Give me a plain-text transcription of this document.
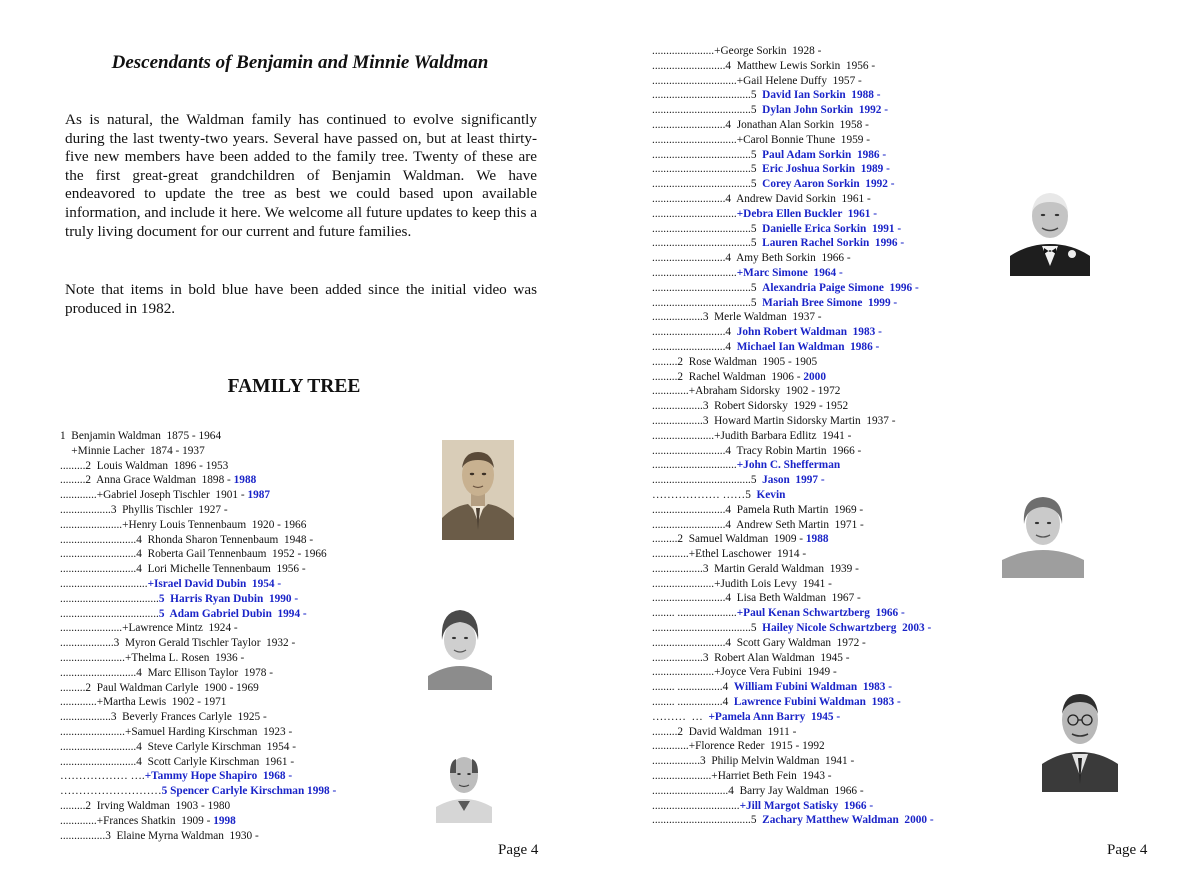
Descendants of Benjamin and Minnie Waldman

As is natural, the Waldman family has continued to evolve significantly during the last twenty-two years. Several have passed on, but at least thirty-five new members have been added to the family tree. Twenty of these are the first great-great grandchildren of Benjamin Waldman. We have endeavored to update the tree as best we could based upon available information, and include it here. We welcome all future updates to keep this a truly living document for our current and future families.

Note that items in bold blue have been added since the initial video was produced in 1982.

FAMILY TREE
1  Benjamin Waldman  1875 - 1964
+Minnie Lacher  1874 - 1937
.........2  Louis Waldman  1896 - 1953
.........2  Anna Grace Waldman  1898 - 1988
.............+Gabriel Joseph Tischler  1901 - 1987
..................3  Phyllis Tischler  1927 -
......................+Henry Louis Tennenbaum  1920 - 1966
...........................4  Rhonda Sharon Tennenbaum  1948 -
...........................4  Roberta Gail Tennenbaum  1952 - 1966
...........................4  Lori Michelle Tennenbaum  1956 -
...............................+Israel David Dubin  1954 -
...................................5  Harris Ryan Dubin  1990 -
...................................5  Adam Gabriel Dubin  1994 -
......................+Lawrence Mintz  1924 -
...................3  Myron Gerald Tischler Taylor  1932 -
.......................+Thelma L. Rosen  1936 -
...........................4  Marc Ellison Taylor  1978 -
.........2  Paul Waldman Carlyle  1900 - 1969
.............+Martha Lewis  1902 - 1971
..................3  Beverly Frances Carlyle  1925 -
.......................+Samuel Harding Kirschman  1923 -
...........................4  Steve Carlyle Kirschman  1954 -
...........................4  Scott Carlyle Kirschman  1961 -
……………… ….+Tammy Hope Shapiro  1968 -
………………………5 Spencer Carlyle Kirschman 1998 -
.........2  Irving Waldman  1903 - 1980
.............+Frances Shatkin  1909 - 1998
................3  Elaine Myrna Waldman  1930 -
Page 4
......................+George Sorkin  1928 -
..........................4  Matthew Lewis Sorkin  1956 -
..............................+Gail Helene Duffy  1957 -
...................................5  David Ian Sorkin  1988 -
...................................5  Dylan John Sorkin  1992 -
..........................4  Jonathan Alan Sorkin  1958 -
..............................+Carol Bonnie Thune  1959 -
...................................5  Paul Adam Sorkin  1986 -
...................................5  Eric Joshua Sorkin  1989 -
...................................5  Corey Aaron Sorkin  1992 -
..........................4  Andrew David Sorkin  1961 -
..............................+Debra Ellen Buckler  1961 -
...................................5  Danielle Erica Sorkin  1991 -
...................................5  Lauren Rachel Sorkin  1996 -
..........................4  Amy Beth Sorkin  1966 -
..............................+Marc Simone  1964 -
...................................5  Alexandria Paige Simone  1996 -
...................................5  Mariah Bree Simone  1999 -
..................3  Merle Waldman  1937 -
..........................4  John Robert Waldman  1983 -
..........................4  Michael Ian Waldman  1986 -
.........2  Rose Waldman  1905 - 1905
.........2  Rachel Waldman  1906 - 2000
.............+Abraham Sidorsky  1902 - 1972
..................3  Robert Sidorsky  1929 - 1952
..................3  Howard Martin Sidorsky Martin  1937 -
......................+Judith Barbara Edlitz  1941 -
..........................4  Tracy Robin Martin  1966 -
..............................+John C. Shefferman
...................................5  Jason  1997 -
……………… ……5  Kevin
..........................4  Pamela Ruth Martin  1969 -
..........................4  Andrew Seth Martin  1971 -
.........2  Samuel Waldman  1909 - 1988
.............+Ethel Laschower  1914 -
..................3  Martin Gerald Waldman  1939 -
......................+Judith Lois Levy  1941 -
..........................4  Lisa Beth Waldman  1967 -
........ .....................+Paul Kenan Schwartzberg  1966 -
...................................5  Hailey Nicole Schwartzberg  2003 -
..........................4  Scott Gary Waldman  1972 -
..................3  Robert Alan Waldman  1945 -
......................+Joyce Vera Fubini  1949 -
........ ................4  William Fubini Waldman  1983 -
........ ................4  Lawrence Fubini Waldman  1983 -
………  …  +Pamela Ann Barry  1945 -
.........2  David Waldman  1911 -
.............+Florence Reder  1915 - 1992
.................3  Philip Melvin Waldman  1941 -
.....................+Harriet Beth Fein  1943 -
...........................4  Barry Jay Waldman  1966 -
...............................+Jill Margot Satisky  1966 -
...................................5  Zachary Matthew Waldman  2000 -
Page 4
